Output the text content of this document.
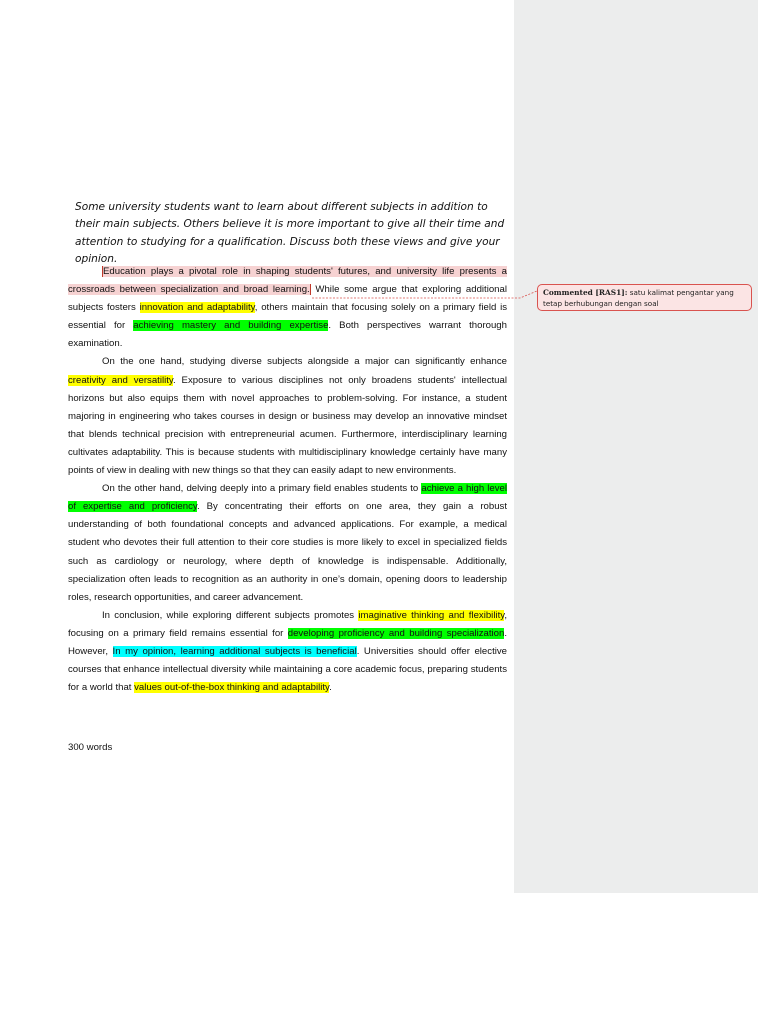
Some university students want to learn about different subjects in addition to their main subjects. Others believe it is more important to give all their time and attention to studying for a qualification. Discuss both these views and give your opinion.

Education plays a pivotal role in shaping students' futures, and university life presents a crossroads between specialization and broad learning. While some argue that exploring additional subjects fosters innovation and adaptability, others maintain that focusing solely on a primary field is essential for achieving mastery and building expertise. Both perspectives warrant thorough examination.

On the one hand, studying diverse subjects alongside a major can significantly enhance creativity and versatility. Exposure to various disciplines not only broadens students' intellectual horizons but also equips them with novel approaches to problem-solving. For instance, a student majoring in engineering who takes courses in design or business may develop an innovative mindset that blends technical precision with entrepreneurial acumen. Furthermore, interdisciplinary learning cultivates adaptability. This is because students with multidisciplinary knowledge certainly have many points of view in dealing with new things so that they can easily adapt to new environments.

On the other hand, delving deeply into a primary field enables students to achieve a high level of expertise and proficiency. By concentrating their efforts on one area, they gain a robust understanding of both foundational concepts and advanced applications. For example, a medical student who devotes their full attention to their core studies is more likely to excel in specialized fields such as cardiology or neurology, where depth of knowledge is indispensable. Additionally, specialization often leads to recognition as an authority in one’s domain, opening doors to leadership roles, research opportunities, and career advancement.

In conclusion, while exploring different subjects promotes imaginative thinking and flexibility, focusing on a primary field remains essential for developing proficiency and building specialization. However, In my opinion, learning additional subjects is beneficial. Universities should offer elective courses that enhance intellectual diversity while maintaining a core academic focus, preparing students for a world that values out-of-the-box thinking and adaptability.

300 words
Commented [RAS1]: satu kalimat pengantar yang tetap berhubungan dengan soal
